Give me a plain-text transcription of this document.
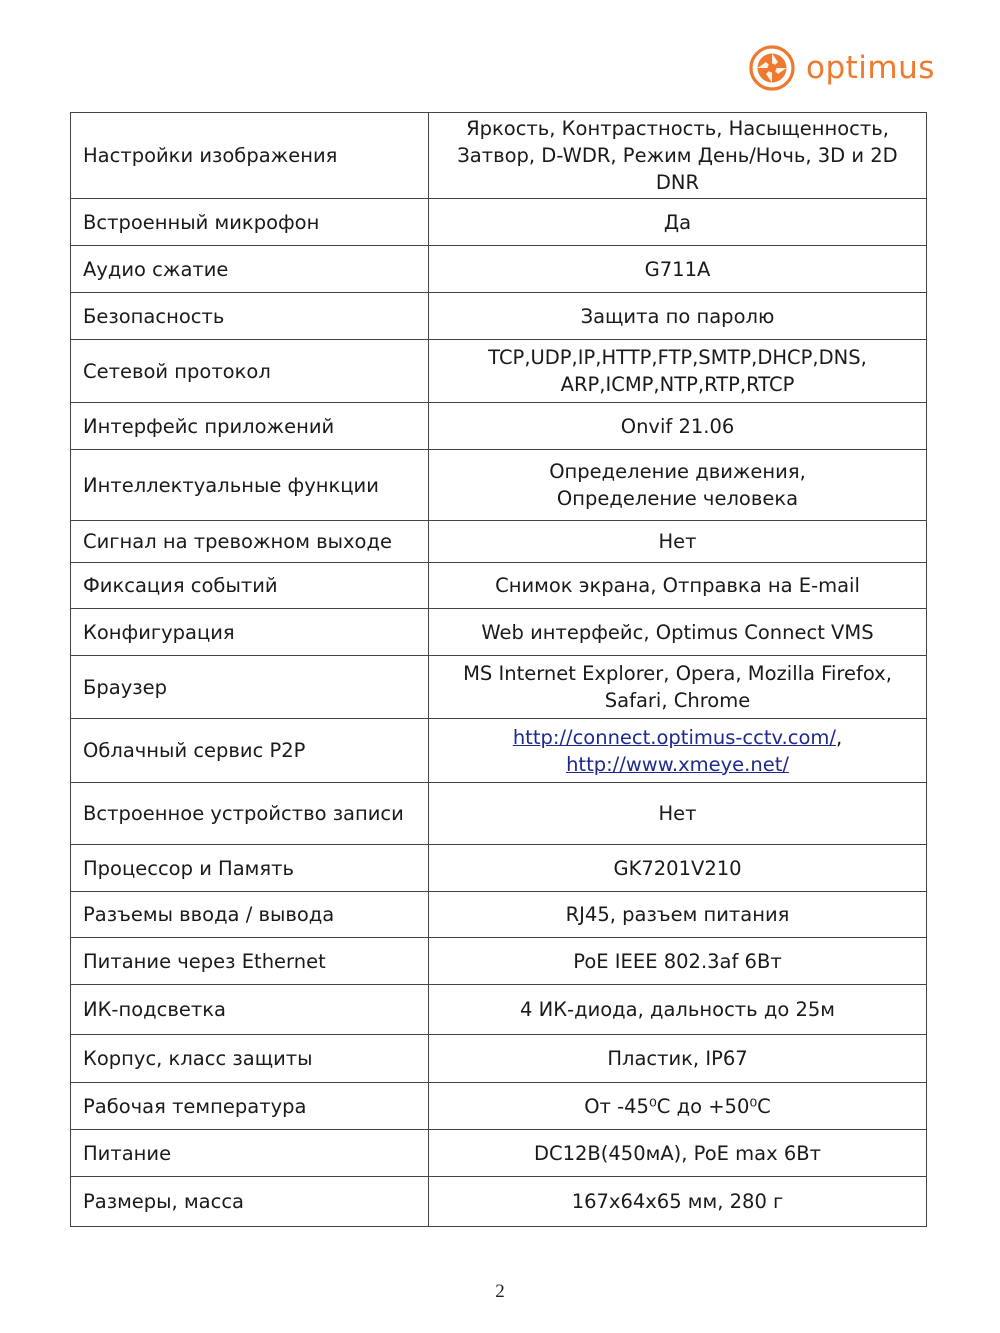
optimus
Настройки изображения	Яркость, Контрастность, Насыщенность,
Затвор, D-WDR, Режим День/Ночь, 3D и 2D DNR
Встроенный микрофон	Да
Аудио сжатие	G711A
Безопасность	Защита по паролю
Сетевой протокол	TCP,UDP,IP,HTTP,FTP,SMTP,DHCP,DNS,
ARP,ICMP,NTP,RTP,RTCP
Интерфейс приложений	Onvif 21.06
Интеллектуальные функции	Определение движения,
Определение человека
Сигнал на тревожном выходе	Нет
Фиксация событий	Снимок экрана, Отправка на E-mail
Конфигурация	Web интерфейс, Optimus Connect VMS
Браузер	MS Internet Explorer, Opera, Mozilla Firefox,
Safari, Chrome
Облачный сервис P2P	http://connect.optimus-cctv.com/,
http://www.xmeye.net/
Встроенное устройство записи	Нет
Процессор и Память	GK7201V210
Разъемы ввода / вывода	RJ45, разъем питания
Питание через Ethernet	PoE IEEE 802.3af 6Вт
ИК-подсветка	4 ИК-диода, дальность до 25м
Корпус, класс защиты	Пластик, IP67
Рабочая температура	От -45⁰С до +50⁰С
Питание	DC12В(450мА), PoE max 6Вт
Размеры, масса	167x64x65 мм, 280 г
2
